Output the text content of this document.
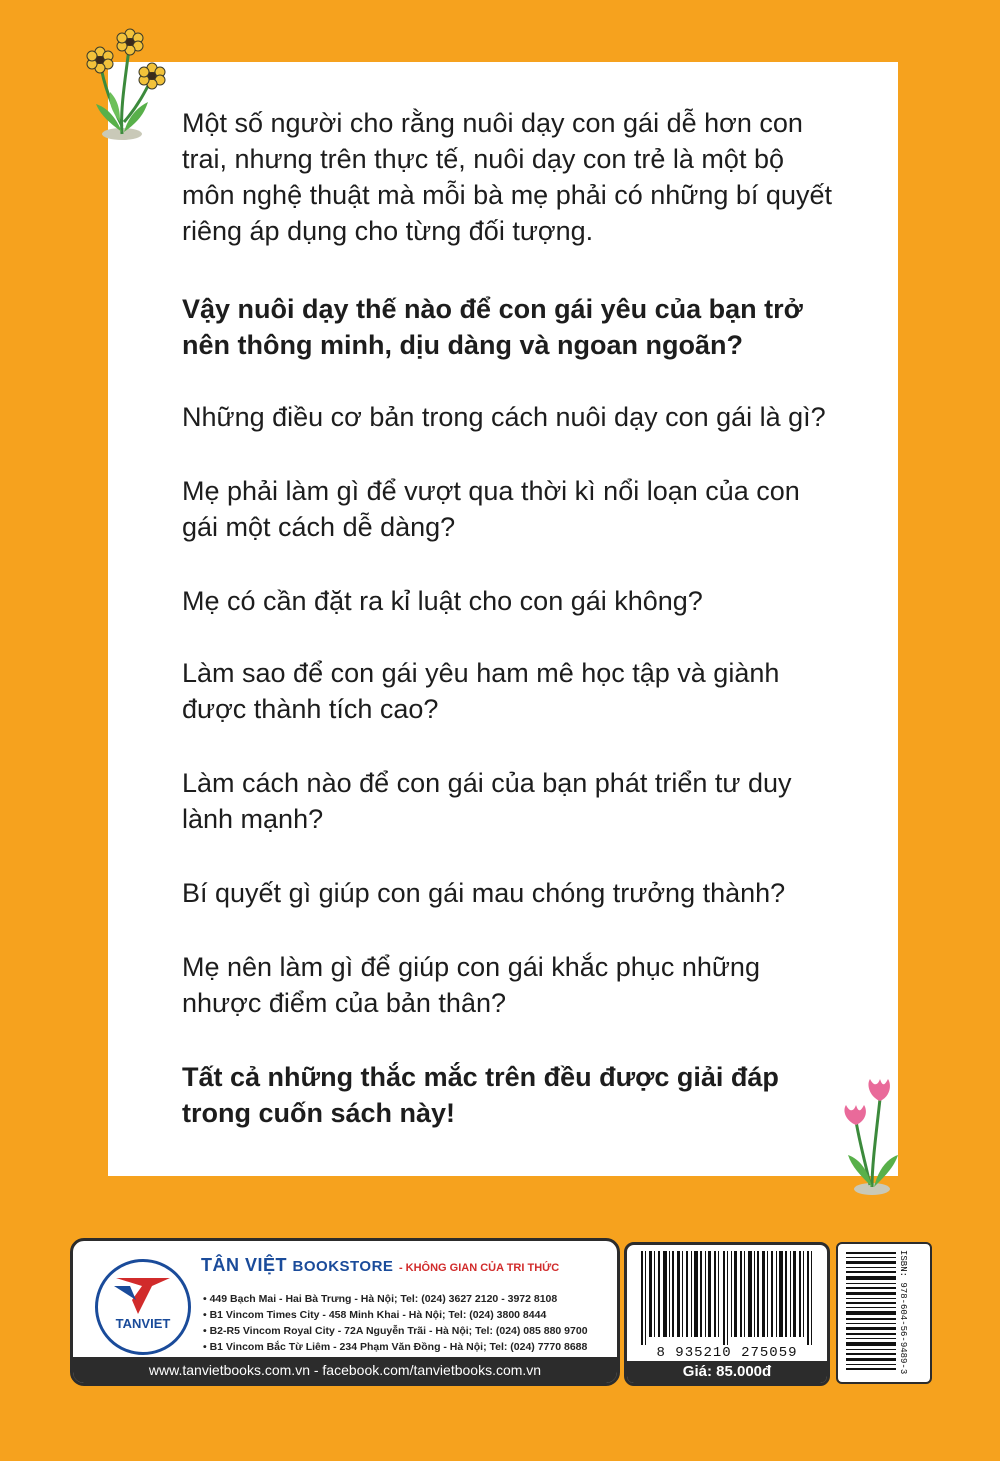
Một số người cho rằng nuôi dạy con gái dễ hơn con trai, nhưng trên thực tế, nuôi dạy con trẻ là một bộ môn nghệ thuật mà mỗi bà mẹ phải có những bí quyết riêng áp dụng cho từng đối tượng.

Vậy nuôi dạy thế nào để con gái yêu của bạn trở nên thông minh, dịu dàng và ngoan ngoãn?

Những điều cơ bản trong cách nuôi dạy con gái là gì?

Mẹ phải làm gì để vượt qua thời kì nổi loạn của con gái một cách dễ dàng?

Mẹ có cần đặt ra kỉ luật cho con gái không?

Làm sao để con gái yêu ham mê học tập và giành được thành tích cao?

Làm cách nào để con gái của bạn phát triển tư duy lành mạnh?

Bí quyết gì giúp con gái mau chóng trưởng thành?

Mẹ nên làm gì để giúp con gái khắc phục những nhược điểm của bản thân?

Tất cả những thắc mắc trên đều được giải đáp trong cuốn sách này!

TANVIET
TÂN VIỆT BOOKSTORE - KHÔNG GIAN CỦA TRI THỨC
• 449 Bạch Mai - Hai Bà Trưng - Hà Nội; Tel: (024) 3627 2120 - 3972 8108
• B1 Vincom Times City - 458 Minh Khai - Hà Nội; Tel: (024) 3800 8444
• B2-R5 Vincom Royal City - 72A Nguyễn Trãi - Hà Nội; Tel: (024) 085 880 9700
• B1 Vincom Bắc Từ Liêm - 234 Phạm Văn Đồng - Hà Nội; Tel: (024) 7770 8688
www.tanvietbooks.com.vn - facebook.com/tanvietbooks.com.vn
8 935210 275059
Giá: 85.000đ	ISBN: 978-604-56-9489-3
